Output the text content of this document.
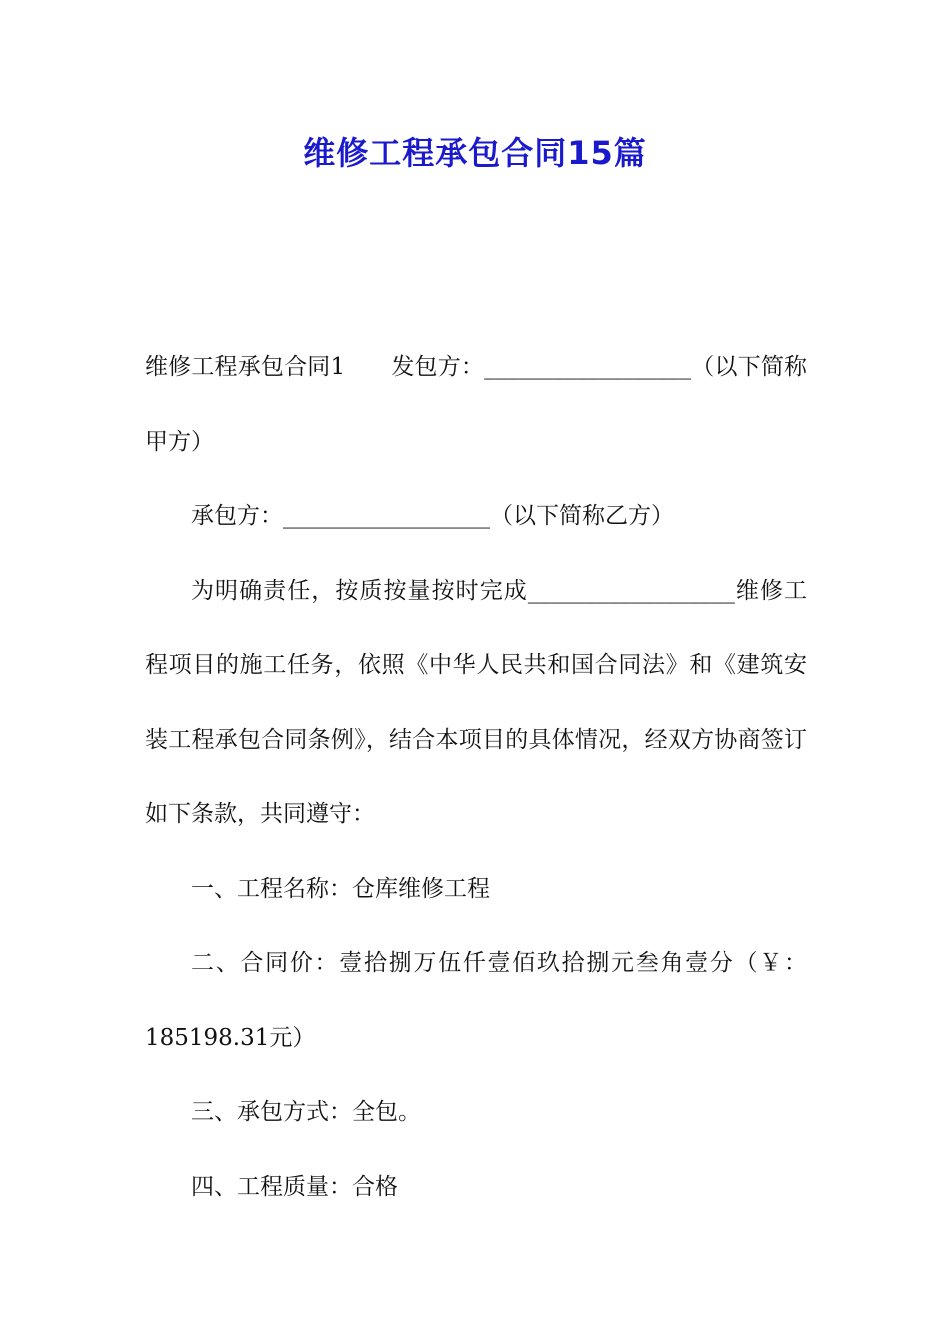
维修工程承包合同15篇

维修工程承包合同1 发包方：__________________（以下简称甲方）

承包方：__________________（以下简称乙方）

为明确责任，按质按量按时完成__________________维修工程项目的施工任务，依照《中华人民共和国合同法》和《建筑安装工程承包合同条例》，结合本项目的具体情况，经双方协商签订如下条款，共同遵守：

一、工程名称：仓库维修工程

二、合同价：壹拾捌万伍仟壹佰玖拾捌元叁角壹分（￥：185198.31元）

三、承包方式：全包。

四、工程质量：合格
